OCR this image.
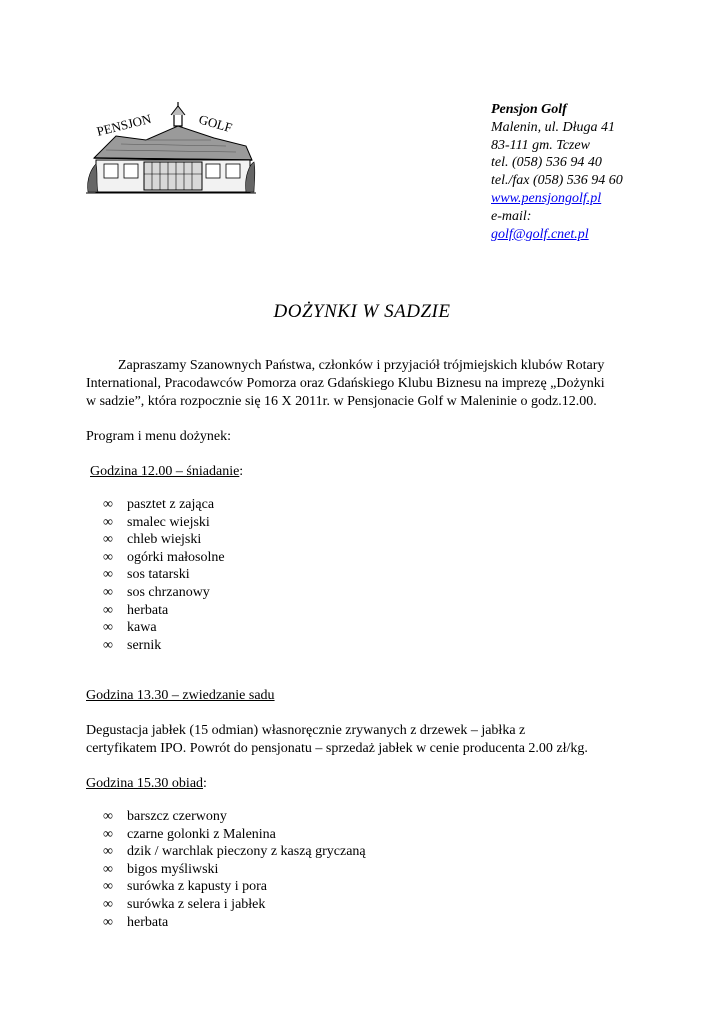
PENSJON	GOLF
Pensjon Golf
Malenin, ul. Długa 41
83-111 gm. Tczew
tel. (058) 536 94 40
tel./fax (058) 536 94 60
www.pensjongolf.pl
e-mail:
golf@golf.cnet.pl
DOŻYNKI W SADZIE
Zapraszamy Szanownych Państwa, członków i przyjaciół trójmiejskich klubów Rotary
International, Pracodawców Pomorza oraz Gdańskiego Klubu Biznesu na imprezę „Dożynki
w sadzie”, która rozpocznie się 16 X 2011r. w Pensjonacie Golf w Maleninie o godz.12.00.
Program i menu dożynek:
Godzina 12.00 – śniadanie:
∞ pasztet z zająca
∞ smalec wiejski
∞ chleb wiejski
∞ ogórki małosolne
∞ sos tatarski
∞ sos chrzanowy
∞ herbata
∞ kawa
∞ sernik
Godzina 13.30 – zwiedzanie sadu
Degustacja jabłek (15 odmian) własnoręcznie zrywanych z drzewek – jabłka z
certyfikatem IPO. Powrót do pensjonatu – sprzedaż jabłek w cenie producenta 2.00 zł/kg.
Godzina 15.30 obiad:
∞ barszcz czerwony
∞ czarne golonki z Malenina
∞ dzik / warchlak pieczony z kaszą gryczaną
∞ bigos myśliwski
∞ surówka z kapusty i pora
∞ surówka z selera i jabłek
∞ herbata
